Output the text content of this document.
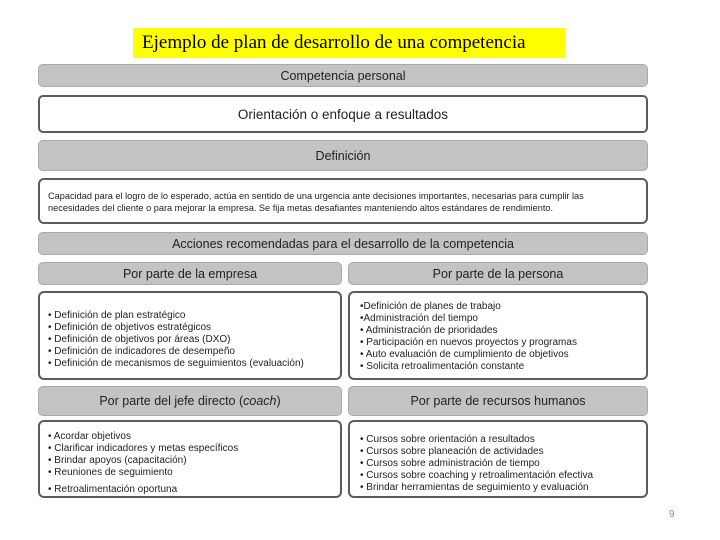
Ejemplo de plan de desarrollo de una competencia
Competencia personal
Orientación o enfoque a resultados
Definición
Capacidad para el logro de lo esperado, actúa en sentido de una urgencia ante decisiones importantes, necesarias para cumplir las
necesidades del cliente o para mejorar la empresa. Se fija metas desafiantes manteniendo altos estándares de rendimiento.
Acciones recomendadas para el desarrollo de la competencia
Por parte de la empresa	Por parte de la persona
• Definición de plan estratégico
• Definición de objetivos estratégicos
• Definición de objetivos por áreas (DXO)
• Definición de indicadores de desempeño
• Definición de mecanismos de seguimientos (evaluación)
•Definición de planes de trabajo
•Administración del tiempo
• Administración de prioridades
• Participación en nuevos proyectos y programas
• Auto evaluación de cumplimiento de objetivos
• Solicita retroalimentación constante
Por parte del jefe directo (coach)	Por parte de recursos humanos
• Acordar objetivos
• Clarificar indicadores y metas específicos
• Brindar apoyos (capacitación)
• Reuniones de seguimiento
• Retroalimentación oportuna
• Cursos sobre orientación a resultados
• Cursos sobre planeación de actividades
• Cursos sobre administración de tiempo
• Cursos sobre coaching y retroalimentación efectiva
• Brindar herramientas de seguimiento y evaluación
9
